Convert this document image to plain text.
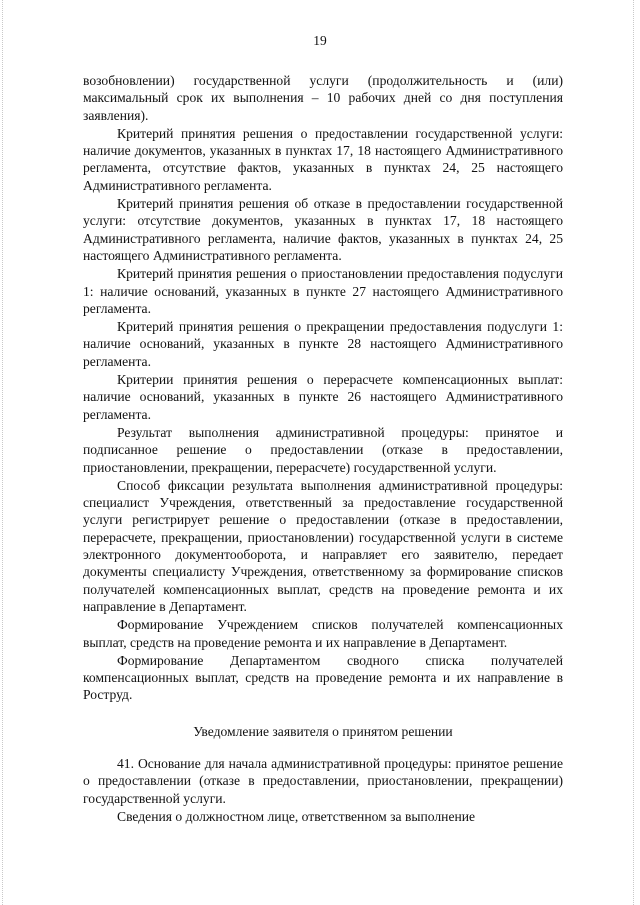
19

возобновлении) государственной услуги (продолжительность и (или) максимальный срок их выполнения – 10 рабочих дней со дня поступления заявления).

Критерий принятия решения о предоставлении государственной услуги: наличие документов, указанных в пунктах 17, 18 настоящего Административного регламента, отсутствие фактов, указанных в пунктах 24, 25 настоящего Административного регламента.

Критерий принятия решения об отказе в предоставлении государственной услуги: отсутствие документов, указанных в пунктах 17, 18 настоящего Административного регламента, наличие фактов, указанных в пунктах 24, 25 настоящего Административного регламента.

Критерий принятия решения о приостановлении предоставления подуслуги 1: наличие оснований, указанных в пункте 27 настоящего Административного регламента.

Критерий принятия решения о прекращении предоставления подуслуги 1: наличие оснований, указанных в пункте 28 настоящего Административного регламента.

Критерии принятия решения о перерасчете компенсационных выплат: наличие оснований, указанных в пункте 26 настоящего Административного регламента.

Результат выполнения административной процедуры: принятое и подписанное решение о предоставлении (отказе в предоставлении, приостановлении, прекращении, перерасчете) государственной услуги.

Способ фиксации результата выполнения административной процедуры: специалист Учреждения, ответственный за предоставление государственной услуги регистрирует решение о предоставлении (отказе в предоставлении, перерасчете, прекращении, приостановлении) государственной услуги в системе электронного документооборота, и направляет его заявителю, передает документы специалисту Учреждения, ответственному за формирование списков получателей компенсационных выплат, средств на проведение ремонта и их направление в Департамент.

Формирование Учреждением списков получателей компенсационных выплат, средств на проведение ремонта и их направление в Департамент.

Формирование Департаментом сводного списка получателей компенсационных выплат, средств на проведение ремонта и их направление в Роструд.

Уведомление заявителя о принятом решении

41. Основание для начала административной процедуры: принятое решение о предоставлении (отказе в предоставлении, приостановлении, прекращении) государственной услуги.

Сведения о должностном лице, ответственном за выполнение
